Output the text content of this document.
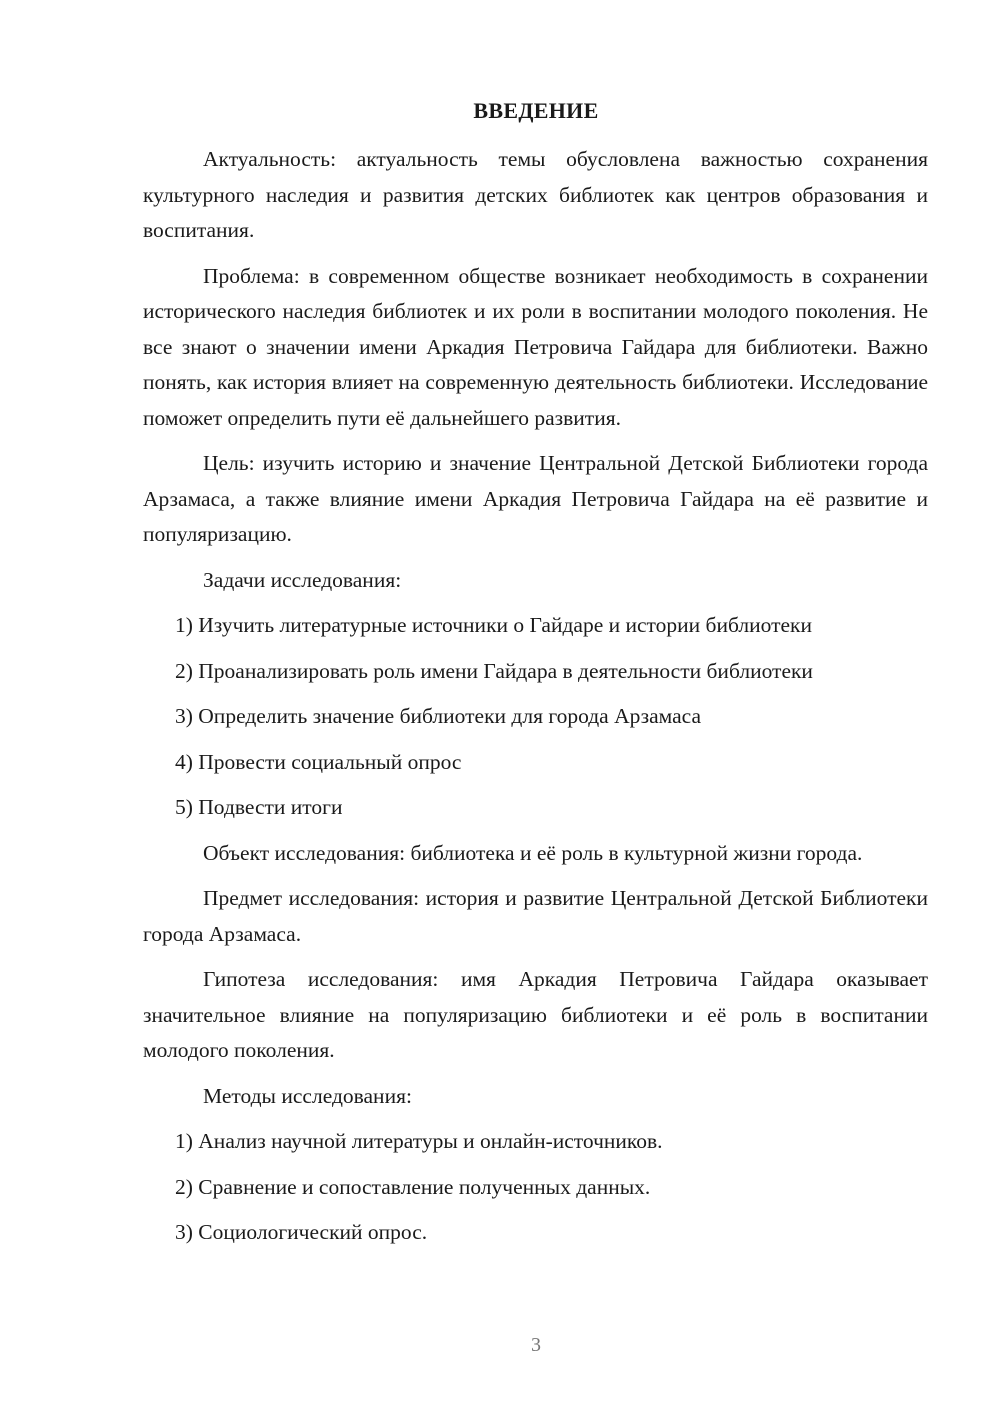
ВВЕДЕНИЕ

Актуальность: актуальность темы обусловлена важностью сохранения культурного наследия и развития детских библиотек как центров образования и воспитания.

Проблема: в современном обществе возникает необходимость в сохранении исторического наследия библиотек и их роли в воспитании молодого поколения. Не все знают о значении имени Аркадия Петровича Гайдара для библиотеки. Важно понять, как история влияет на современную деятельность библиотеки. Исследование поможет определить пути её дальнейшего развития.

Цель: изучить историю и значение Центральной Детской Библиотеки города Арзамаса, а также влияние имени Аркадия Петровича Гайдара на её развитие и популяризацию.

Задачи исследования:

1) Изучить литературные источники о Гайдаре и истории библиотеки
2) Проанализировать роль имени Гайдара в деятельности библиотеки
3) Определить значение библиотеки для города Арзамаса
4) Провести социальный опрос
5) Подвести итоги

Объект исследования: библиотека и её роль в культурной жизни города.

Предмет исследования: история и развитие Центральной Детской Библиотеки города Арзамаса.

Гипотеза исследования: имя Аркадия Петровича Гайдара оказывает значительное влияние на популяризацию библиотеки и её роль в воспитании молодого поколения.

Методы исследования:

1) Анализ научной литературы и онлайн-источников.
2) Сравнение и сопоставление полученных данных.
3) Социологический опрос.
3
